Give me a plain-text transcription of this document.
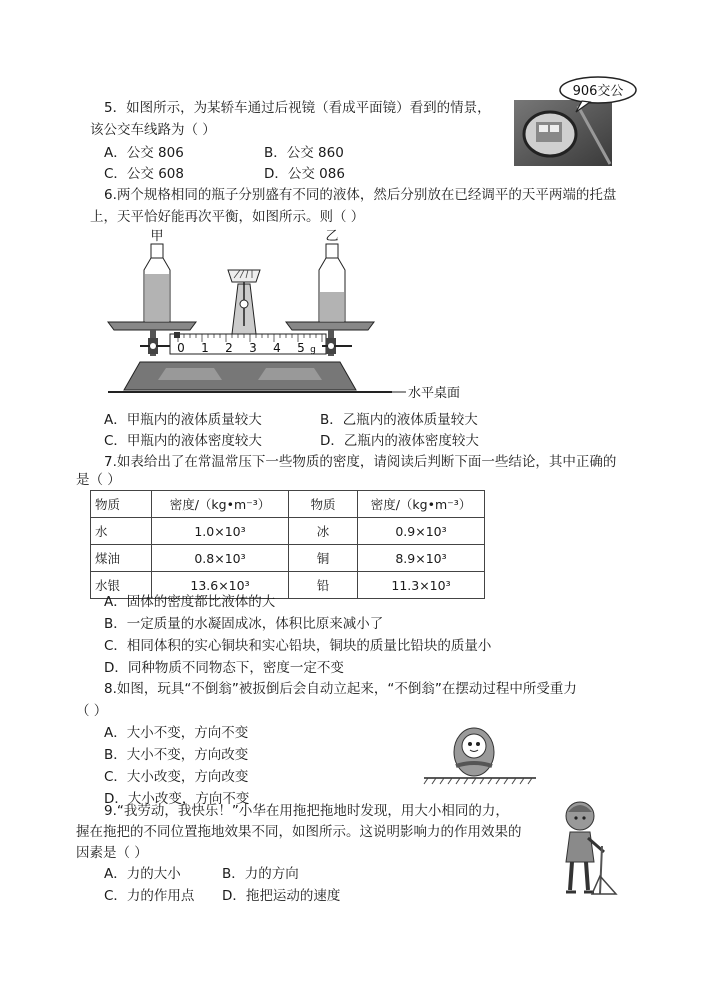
5．如图所示，为某轿车通过后视镜（看成平面镜）看到的情景，
该公交车线路为（ ）
A．公交 806	B．公交 860
C．公交 608	D．公交 086
906交公
6.两个规格相同的瓶子分别盛有不同的液体，然后分别放在已经调平的天平两端的托盘
上，天平恰好能再次平衡，如图所示。则（ ）
甲	乙
0 1 2 3 4 5 g
水平桌面
A．甲瓶内的液体质量较大	B．乙瓶内的液体质量较大
C．甲瓶内的液体密度较大	D．乙瓶内的液体密度较大
7.如表给出了在常温常压下一些物质的密度，请阅读后判断下面一些结论，其中正确的
是（ ）
物质	密度/（kg•m⁻³）	物质	密度/（kg•m⁻³）
水	1.0×10³	冰	0.9×10³
煤油	0.8×10³	铜	8.9×10³
水银	13.6×10³	铅	11.3×10³
A．固体的密度都比液体的大
B．一定质量的水凝固成冰，体积比原来减小了
C．相同体积的实心铜块和实心铅块，铜块的质量比铅块的质量小
D．同种物质不同物态下，密度一定不变
8.如图，玩具“不倒翁”被扳倒后会自动立起来，“不倒翁”在摆动过程中所受重力
（ ）
A．大小不变，方向不变
B．大小不变，方向改变
C．大小改变，方向改变
D．大小改变，方向不变
9.“我劳动，我快乐！”小华在用拖把拖地时发现，用大小相同的力，
握在拖把的不同位置拖地效果不同，如图所示。这说明影响力的作用效果的
因素是（ ）
A．力的大小	B．力的方向
C．力的作用点 D．拖把运动的速度
